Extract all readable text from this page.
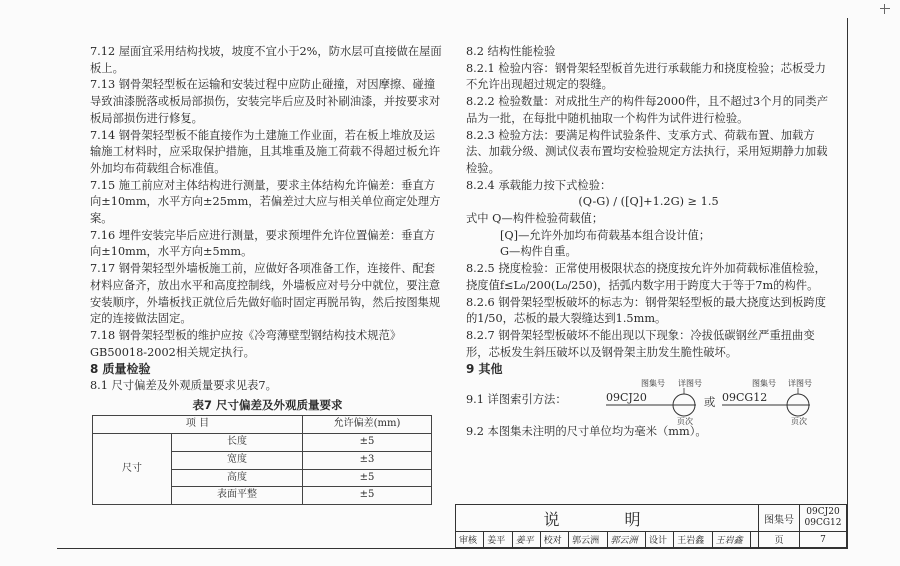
7.12 屋面宜采用结构找坡，坡度不宜小于2%，防水层可直接做在屋面板上。

7.13 钢骨架轻型板在运输和安装过程中应防止碰撞，对因摩擦、碰撞导致油漆脱落或板局部损伤，安装完毕后应及时补刷油漆，并按要求对板局部损伤进行修复。

7.14 钢骨架轻型板不能直接作为土建施工作业面，若在板上堆放及运输施工材料时，应采取保护措施，且其堆重及施工荷载不得超过板允许外加均布荷载组合标准值。

7.15 施工前应对主体结构进行测量，要求主体结构允许偏差：垂直方向±10mm，水平方向±25mm，若偏差过大应与相关单位商定处理方案。

7.16 埋件安装完毕后应进行测量，要求预埋件允许位置偏差：垂直方向±10mm，水平方向±5mm。

7.17 钢骨架轻型外墙板施工前，应做好各项准备工作，连接件、配套材料应备齐，放出水平和高度控制线，外墙板应对号分中就位，要注意安装顺序，外墙板找正就位后先做好临时固定再脱吊钩，然后按图集规定的连接做法固定。

7.18 钢骨架轻型板的维护应按《冷弯薄壁型钢结构技术规范》GB50018-2002相关规定执行。

8 质量检验

8.1 尺寸偏差及外观质量要求见表7。

表7 尺寸偏差及外观质量要求
项 目		允许偏差(mm)
尺寸	长度	±5
	宽度	±3
	高度	±5
	表面平整	±5

8.2 结构性能检验

8.2.1 检验内容：钢骨架轻型板首先进行承载能力和挠度检验；芯板受力不允许出现超过规定的裂缝。

8.2.2 检验数量：对成批生产的构件每2000件，且不超过3个月的同类产品为一批，在每批中随机抽取一个构件为试件进行检验。

8.2.3 检验方法：要满足构件试验条件、支承方式、荷载布置、加载方法、加载分级、测试仪表布置均安检验规定方法执行，采用短期静力加载检验。

8.2.4 承载能力按下式检验：

(Q-G) / ([Q]+1.2G) ≥ 1.5

式中 Q—构件检验荷载值；

[Q]—允许外加均布荷载基本组合设计值；

G—构件自重。

8.2.5 挠度检验：正常使用极限状态的挠度按允许外加荷载标准值检验，挠度值f≤L₀/200(L₀/250)，括弧内数字用于跨度大于等于7m的构件。

8.2.6 钢骨架轻型板破坏的标志为：钢骨架轻型板的最大挠度达到板跨度的1/50，芯板的最大裂缝达到1.5mm。

8.2.7 钢骨架轻型板破坏不能出现以下现象：冷拔低碳钢丝严重扭曲变形，芯板发生斜压破坏以及钢骨架主肋发生脆性破坏。

9 其他

9.1 详图索引方法：
图集号 详图号
09CJ20
页次
或
图集号 详图号
09CG12
页次

9.2 本图集未注明的尺寸单位均为毫米（mm）。

说 明										图集号	09CJ20
09CG12

审核	姜平	姜平	校对	郭云洲	郭云洲	设计	王岩鑫	王岩鑫		页	7
